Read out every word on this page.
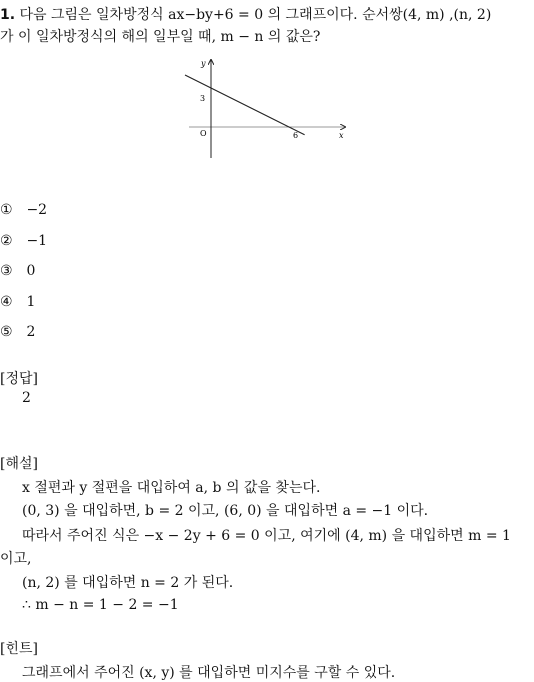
1. 다음 그림은 일차방정식 ax−by+6 = 0 의 그래프이다. 순서쌍(4, m) ,(n, 2)
가 이 일차방정식의 해의 일부일 때, m − n 의 값은?
y
x
O
3
6
① −2
② −1
③ 0
④ 1
⑤ 2
[정답]
2
[해설]
x 절편과 y 절편을 대입하여 a, b 의 값을 찾는다.
(0, 3) 을 대입하면, b = 2 이고, (6, 0) 을 대입하면 a = −1 이다.
따라서 주어진 식은 −x − 2y + 6 = 0 이고, 여기에 (4, m) 을 대입하면 m = 1
이고,
(n, 2) 를 대입하면 n = 2 가 된다.
∴ m − n = 1 − 2 = −1
[힌트]
그래프에서 주어진 (x, y) 를 대입하면 미지수를 구할 수 있다.
